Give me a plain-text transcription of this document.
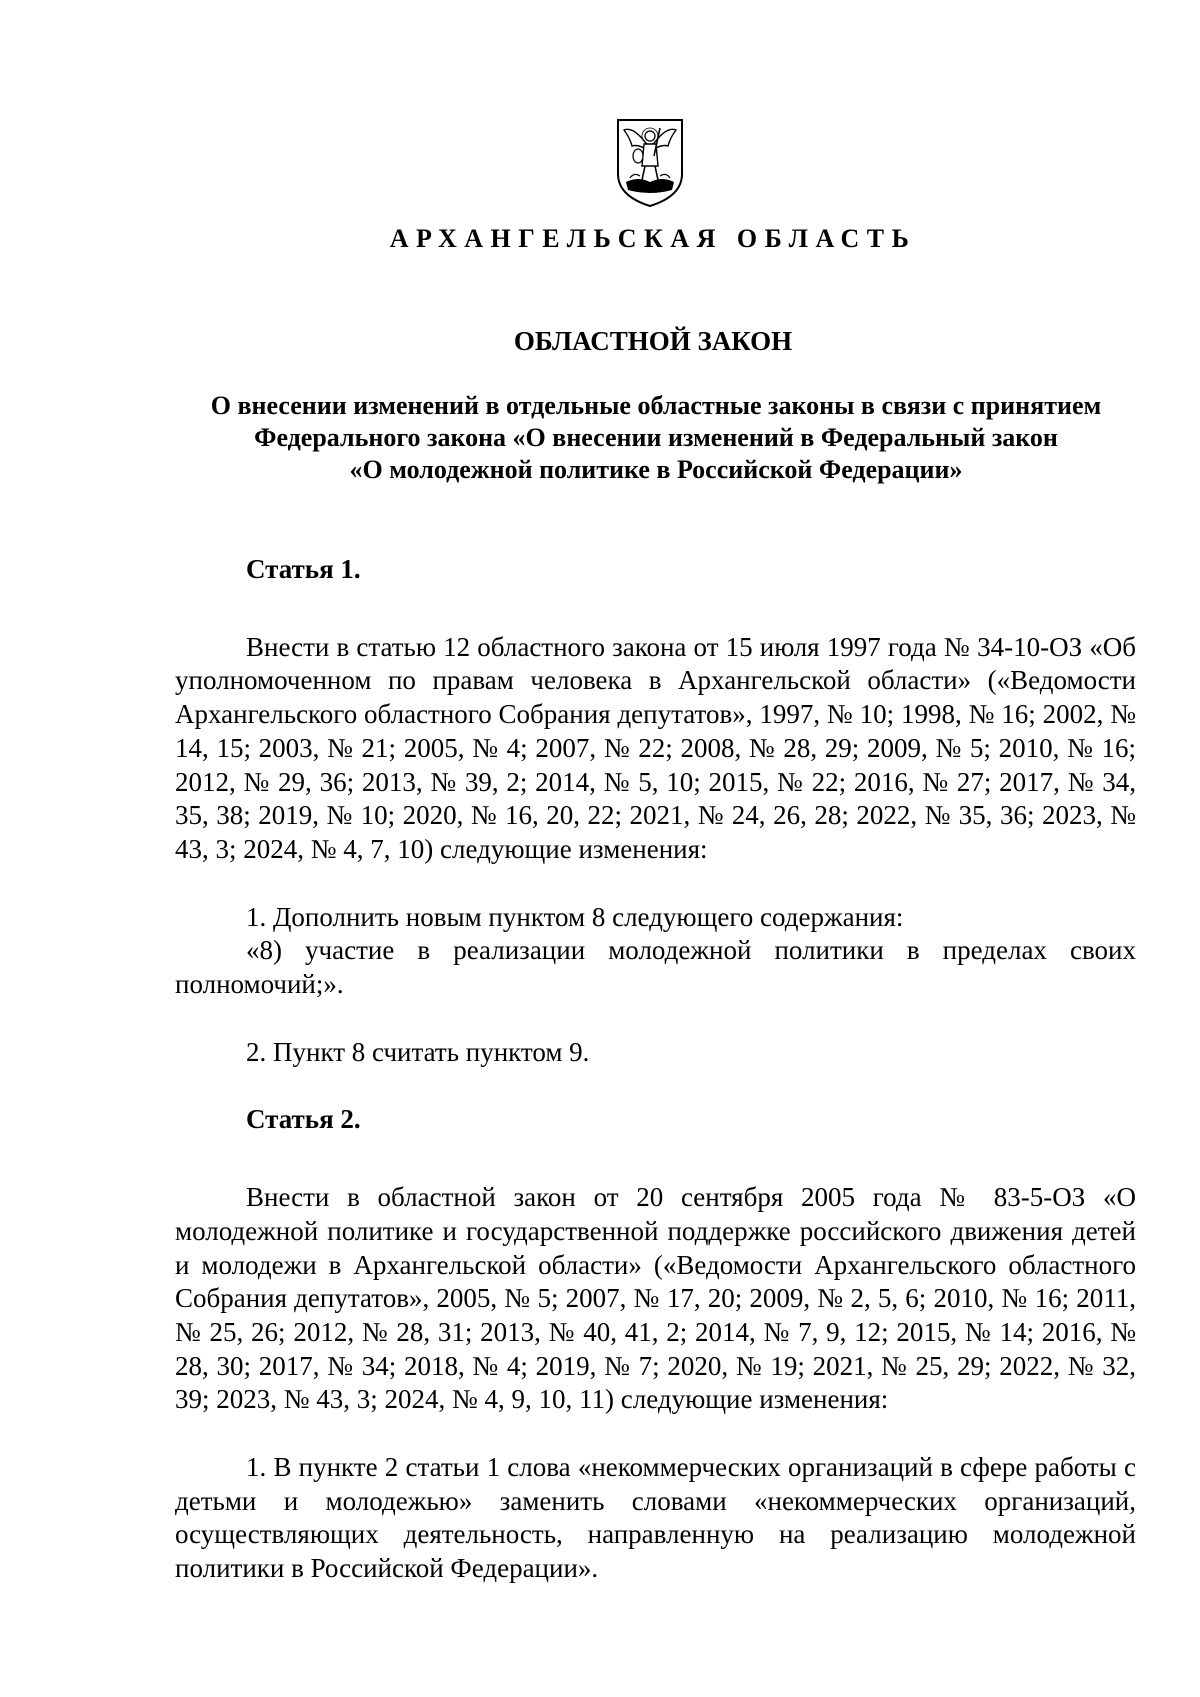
АРХАНГЕЛЬСКАЯ ОБЛАСТЬ
ОБЛАСТНОЙ ЗАКОН
О внесении изменений в отдельные областные законы в связи с принятием
Федерального закона «О внесении изменений в Федеральный закон
«О молодежной политике в Российской Федерации»

Статья 1.

Внести в статью 12 областного закона от 15 июля 1997 года № 34-10-ОЗ «Об уполномоченном по правам человека в Архангельской области» («Ведомости Архангельского областного Собрания депутатов», 1997, № 10; 1998, № 16; 2002, № 14, 15; 2003, № 21; 2005, № 4; 2007, № 22; 2008, № 28, 29; 2009, № 5; 2010, № 16; 2012, № 29, 36; 2013, № 39, 2; 2014, № 5, 10; 2015, № 22; 2016, № 27; 2017, № 34, 35, 38; 2019, № 10; 2020, № 16, 20, 22; 2021, № 24, 26, 28; 2022, № 35, 36; 2023, № 43, 3; 2024, № 4, 7, 10) следующие изменения:

1. Дополнить новым пунктом 8 следующего содержания:

«8) участие в реализации молодежной политики в пределах своих полномочий;».

2. Пункт 8 считать пунктом 9.

Статья 2.

Внести в областной закон от 20 сентября 2005 года № 83-5-ОЗ «О молодежной политике и государственной поддержке российского движения детей и молодежи в Архангельской области» («Ведомости Архангельского областного Собрания депутатов», 2005, № 5; 2007, № 17, 20; 2009, № 2, 5, 6; 2010, № 16; 2011, № 25, 26; 2012, № 28, 31; 2013, № 40, 41, 2; 2014, № 7, 9, 12; 2015, № 14; 2016, № 28, 30; 2017, № 34; 2018, № 4; 2019, № 7; 2020, № 19; 2021, № 25, 29; 2022, № 32, 39; 2023, № 43, 3; 2024, № 4, 9, 10, 11) следующие изменения:

1. В пункте 2 статьи 1 слова «некоммерческих организаций в сфере работы с детьми и молодежью» заменить словами «некоммерческих организаций, осуществляющих деятельность, направленную на реализацию молодежной политики в Российской Федерации».
